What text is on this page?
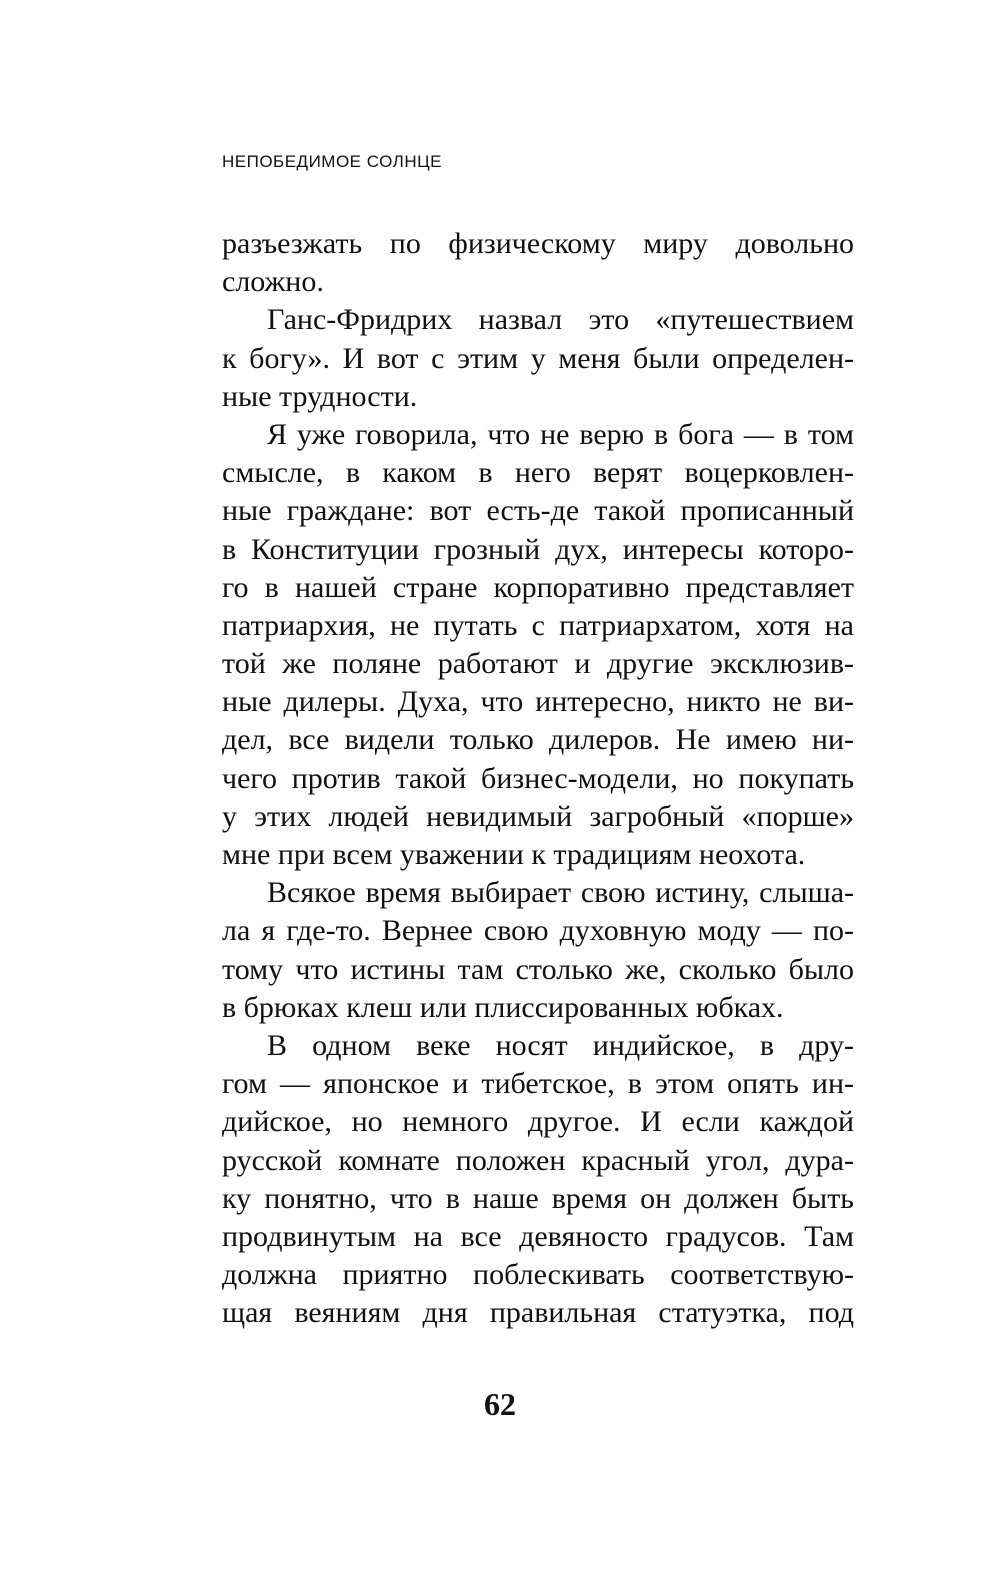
НЕПОБЕДИМОЕ СОЛНЦЕ
разъезжать по физическому миру довольно
сложно.
Ганс-Фридрих назвал это «путешествием
к богу». И вот с этим у меня были определен-
ные трудности.
Я уже говорила, что не верю в бога — в том
смысле, в каком в него верят воцерковлен-
ные граждане: вот есть-де такой прописанный
в Конституции грозный дух, интересы которо-
го в нашей стране корпоративно представляет
патриархия, не путать с патриархатом, хотя на
той же поляне работают и другие эксклюзив-
ные дилеры. Духа, что интересно, никто не ви-
дел, все видели только дилеров. Не имею ни-
чего против такой бизнес-модели, но покупать
у этих людей невидимый загробный «порше»
мне при всем уважении к традициям неохота.
Всякое время выбирает свою истину, слыша-
ла я где-то. Вернее свою духовную моду — по-
тому что истины там столько же, сколько было
в брюках клеш или плиссированных юбках.
В одном веке носят индийское, в дру-
гом — японское и тибетское, в этом опять ин-
дийское, но немного другое. И если каждой
русской комнате положен красный угол, дура-
ку понятно, что в наше время он должен быть
продвинутым на все девяносто градусов. Там
должна приятно поблескивать соответствую-
щая веяниям дня правильная статуэтка, под
62
